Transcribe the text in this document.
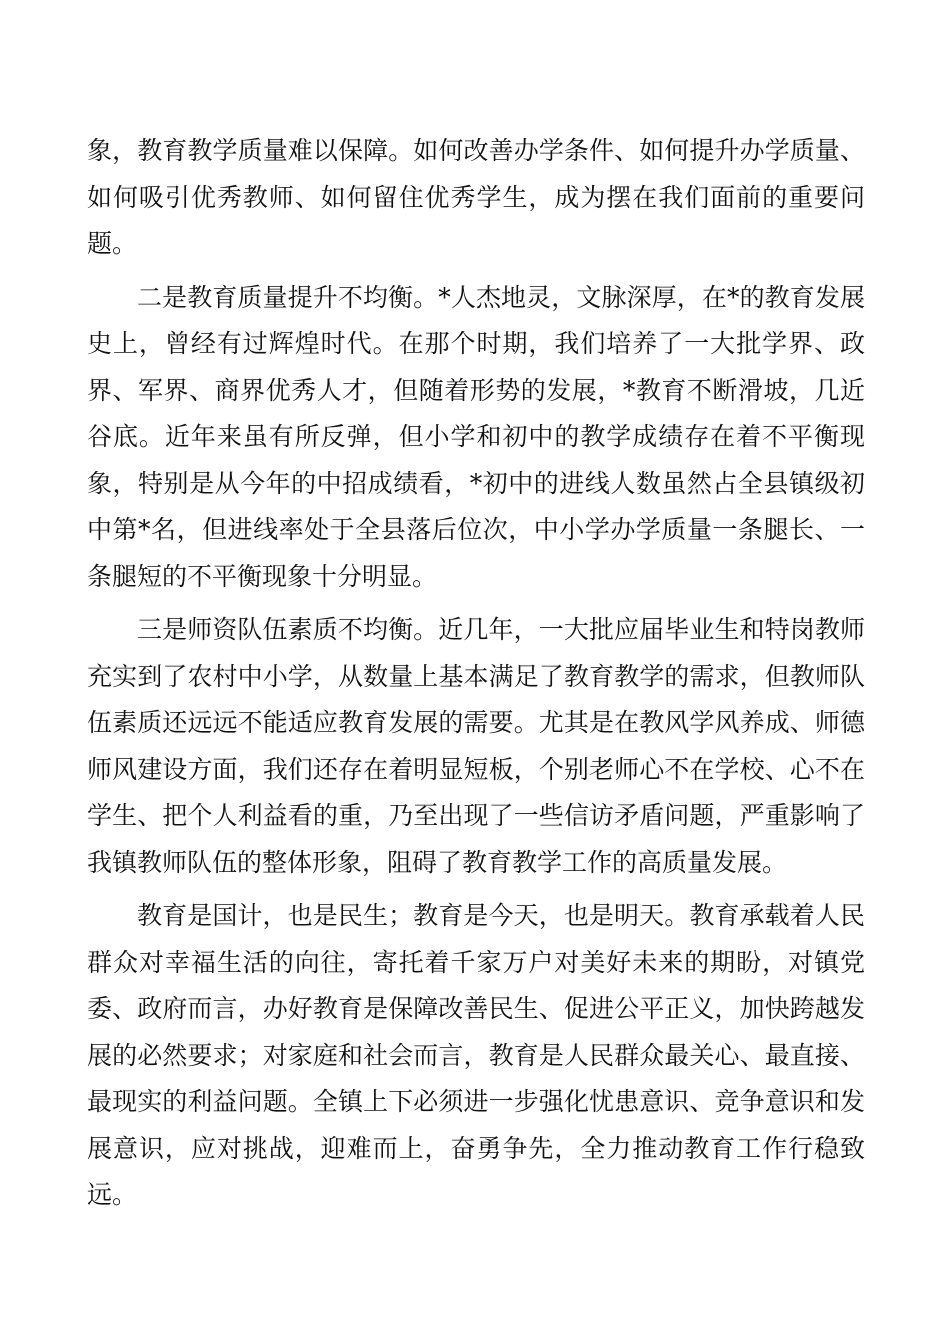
象，教育教学质量难以保障。如何改善办学条件、如何提升办学质量、如何吸引优秀教师、如何留住优秀学生，成为摆在我们面前的重要问题。

二是教育质量提升不均衡。*人杰地灵，文脉深厚，在*的教育发展史上，曾经有过辉煌时代。在那个时期，我们培养了一大批学界、政界、军界、商界优秀人才，但随着形势的发展，*教育不断滑坡，几近谷底。近年来虽有所反弹，但小学和初中的教学成绩存在着不平衡现象，特别是从今年的中招成绩看，*初中的进线人数虽然占全县镇级初中第*名，但进线率处于全县落后位次，中小学办学质量一条腿长、一条腿短的不平衡现象十分明显。

三是师资队伍素质不均衡。近几年，一大批应届毕业生和特岗教师充实到了农村中小学，从数量上基本满足了教育教学的需求，但教师队伍素质还远远不能适应教育发展的需要。尤其是在教风学风养成、师德师风建设方面，我们还存在着明显短板，个别老师心不在学校、心不在学生、把个人利益看的重，乃至出现了一些信访矛盾问题，严重影响了我镇教师队伍的整体形象，阻碍了教育教学工作的高质量发展。

教育是国计，也是民生；教育是今天，也是明天。教育承载着人民群众对幸福生活的向往，寄托着千家万户对美好未来的期盼，对镇党委、政府而言，办好教育是保障改善民生、促进公平正义，加快跨越发展的必然要求；对家庭和社会而言，教育是人民群众最关心、最直接、最现实的利益问题。全镇上下必须进一步强化忧患意识、竞争意识和发展意识，应对挑战，迎难而上，奋勇争先，全力推动教育工作行稳致远。
